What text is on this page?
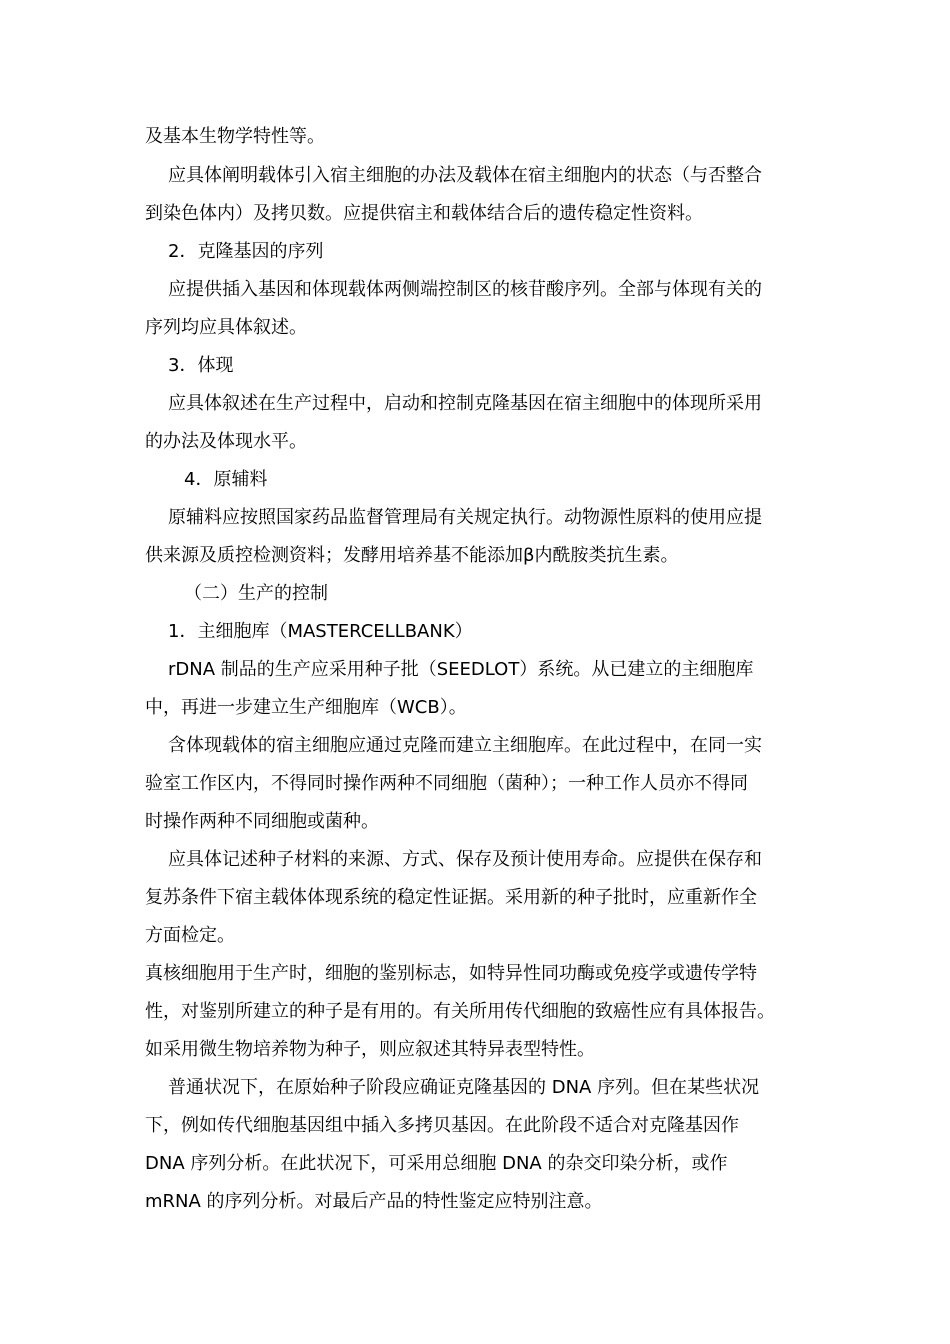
及基本生物学特性等。
应具体阐明载体引入宿主细胞的办法及载体在宿主细胞内的状态（与否整合
到染色体内）及拷贝数。应提供宿主和载体结合后的遗传稳定性资料。
2．克隆基因的序列
应提供插入基因和体现载体两侧端控制区的核苷酸序列。全部与体现有关的
序列均应具体叙述。
3．体现
应具体叙述在生产过程中，启动和控制克隆基因在宿主细胞中的体现所采用
的办法及体现水平。
4．原辅料
原辅料应按照国家药品监督管理局有关规定执行。动物源性原料的使用应提
供来源及质控检测资料；发酵用培养基不能添加β内酰胺类抗生素。
（二）生产的控制
1．主细胞库（MASTERCELLBANK）
rDNA 制品的生产应采用种子批（SEEDLOT）系统。从已建立的主细胞库
中，再进一步建立生产细胞库（WCB）。
含体现载体的宿主细胞应通过克隆而建立主细胞库。在此过程中，在同一实
验室工作区内，不得同时操作两种不同细胞（菌种）；一种工作人员亦不得同
时操作两种不同细胞或菌种。
应具体记述种子材料的来源、方式、保存及预计使用寿命。应提供在保存和
复苏条件下宿主载体体现系统的稳定性证据。采用新的种子批时，应重新作全
方面检定。
真核细胞用于生产时，细胞的鉴别标志，如特异性同功酶或免疫学或遗传学特
性，对鉴别所建立的种子是有用的。有关所用传代细胞的致癌性应有具体报告。
如采用微生物培养物为种子，则应叙述其特异表型特性。
普通状况下，在原始种子阶段应确证克隆基因的 DNA 序列。但在某些状况
下，例如传代细胞基因组中插入多拷贝基因。在此阶段不适合对克隆基因作
DNA 序列分析。在此状况下，可采用总细胞 DNA 的杂交印染分析，或作
mRNA 的序列分析。对最后产品的特性鉴定应特别注意。
